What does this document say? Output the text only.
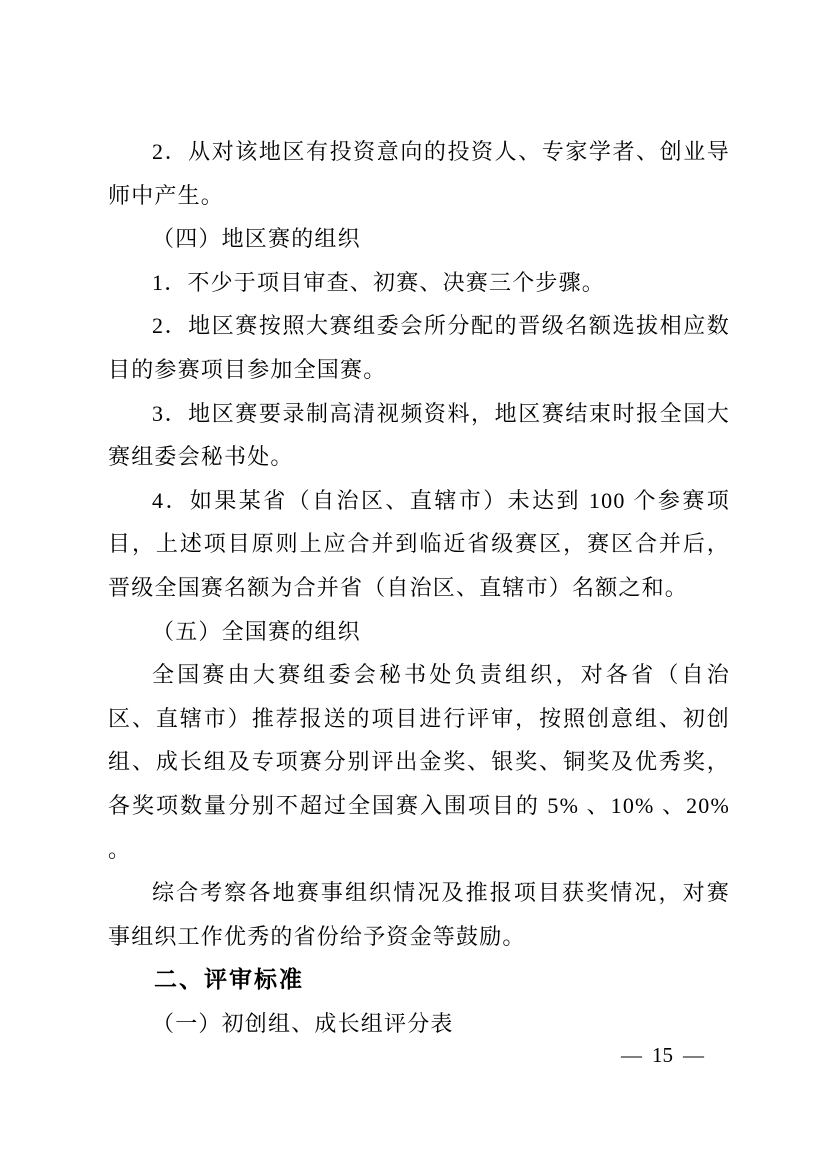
2．从对该地区有投资意向的投资人、专家学者、创业导师中产生。

（四）地区赛的组织

1．不少于项目审查、初赛、决赛三个步骤。

2．地区赛按照大赛组委会所分配的晋级名额选拔相应数目的参赛项目参加全国赛。

3．地区赛要录制高清视频资料，地区赛结束时报全国大赛组委会秘书处。

4．如果某省（自治区、直辖市）未达到 100 个参赛项目，上述项目原则上应合并到临近省级赛区，赛区合并后，晋级全国赛名额为合并省（自治区、直辖市）名额之和。

（五）全国赛的组织

全国赛由大赛组委会秘书处负责组织，对各省（自治区、直辖市）推荐报送的项目进行评审，按照创意组、初创组、成长组及专项赛分别评出金奖、银奖、铜奖及优秀奖，各奖项数量分别不超过全国赛入围项目的 5% 、10% 、20% 。

综合考察各地赛事组织情况及推报项目获奖情况，对赛事组织工作优秀的省份给予资金等鼓励。

二、评审标准

（一）初创组、成长组评分表

— 15 —
